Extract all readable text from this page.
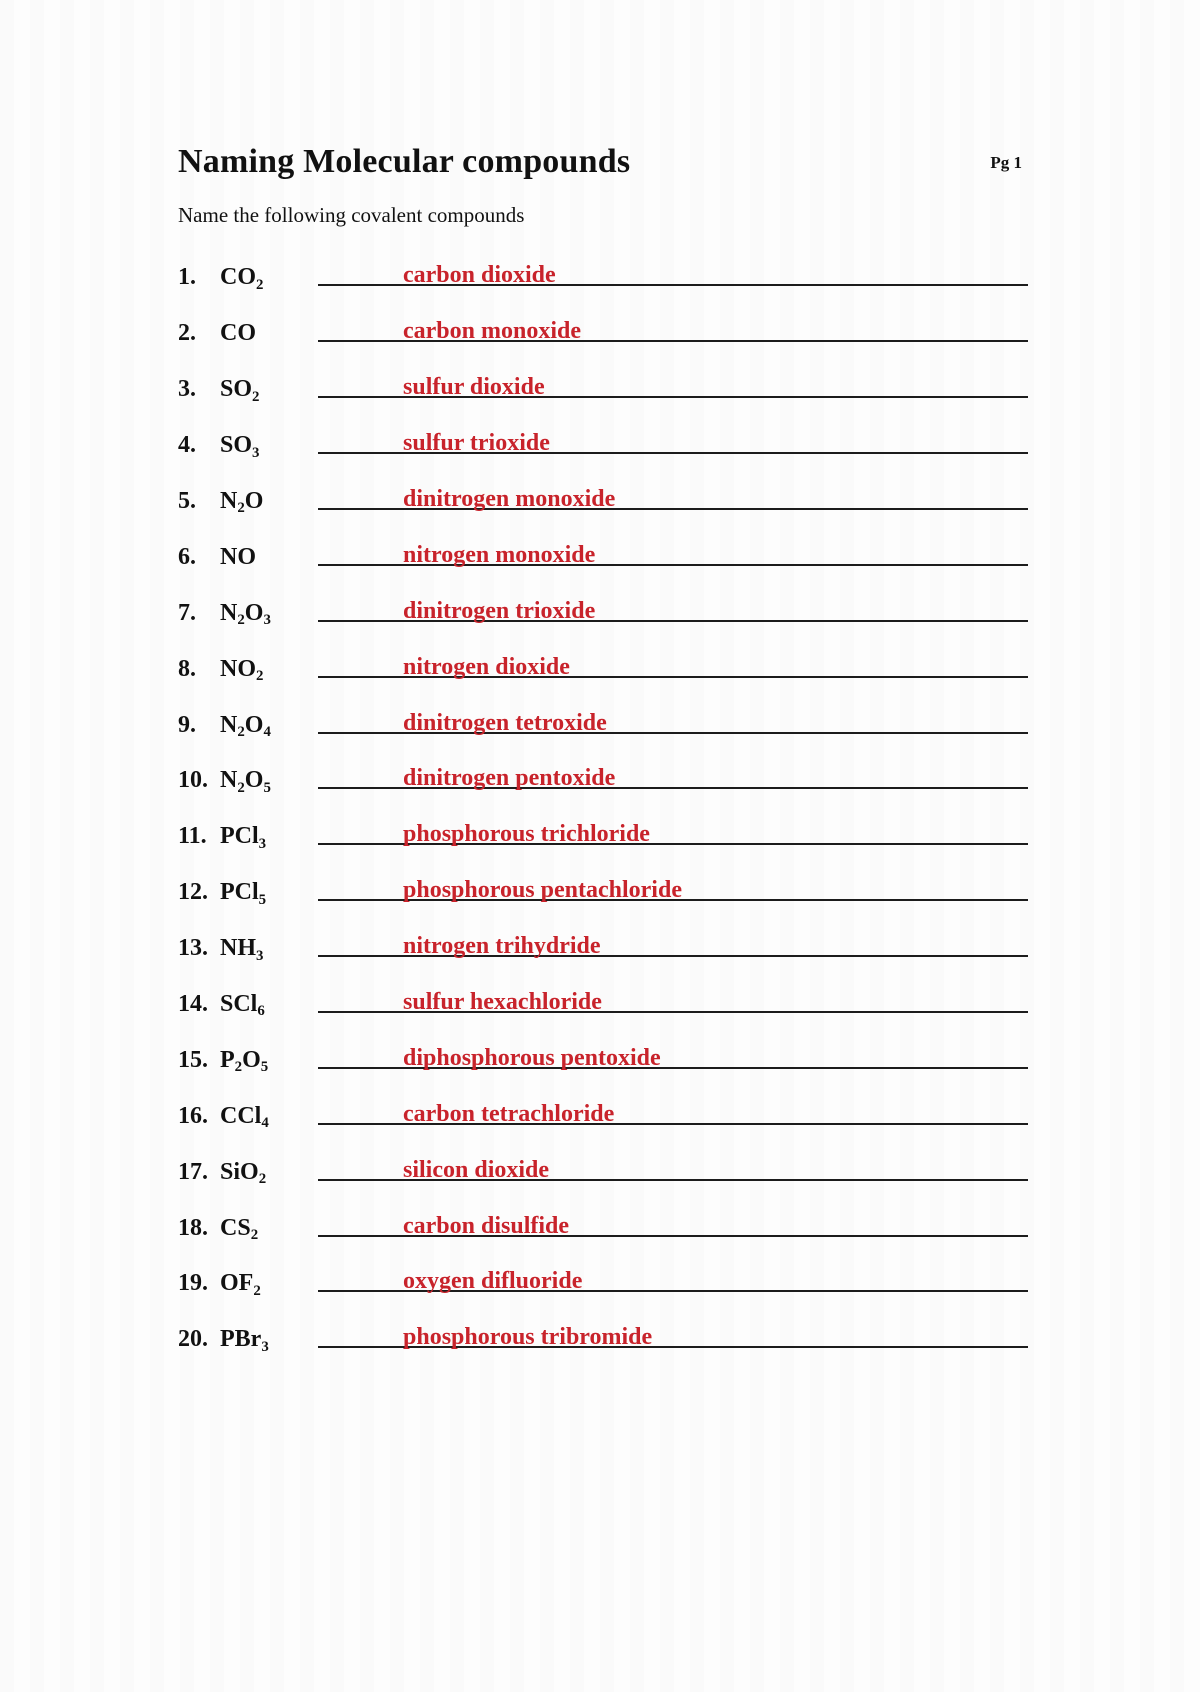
Naming Molecular compounds	Pg 1
Name the following covalent compounds
1.	$CO_2$	carbon dioxide
2.	CO	carbon monoxide
3.	$SO_2$	sulfur dioxide
4.	$SO_3$	sulfur trioxide
5.	$N_2O$	dinitrogen monoxide
6.	NO	nitrogen monoxide
7.	$N_2O_3$	dinitrogen trioxide
8.	$NO_2$	nitrogen dioxide
9.	$N_2O_4$	dinitrogen tetroxide
10. $N_2O_5$	dinitrogen pentoxide
11. PCl$_3$	phosphorous trichloride
12. PCl$_5$	phosphorous pentachloride
13. $NH_3$	nitrogen trihydride
14. SCl$_6$	sulfur hexachloride
15. $P_2O_5$	diphosphorous pentoxide
16. CCl$_4$	carbon tetrachloride
17. SiO$_2$	silicon dioxide
18. $CS_2$	carbon disulfide
19. $OF_2$	oxygen difluoride
20. PBr$_3$	phosphorous tribromide
